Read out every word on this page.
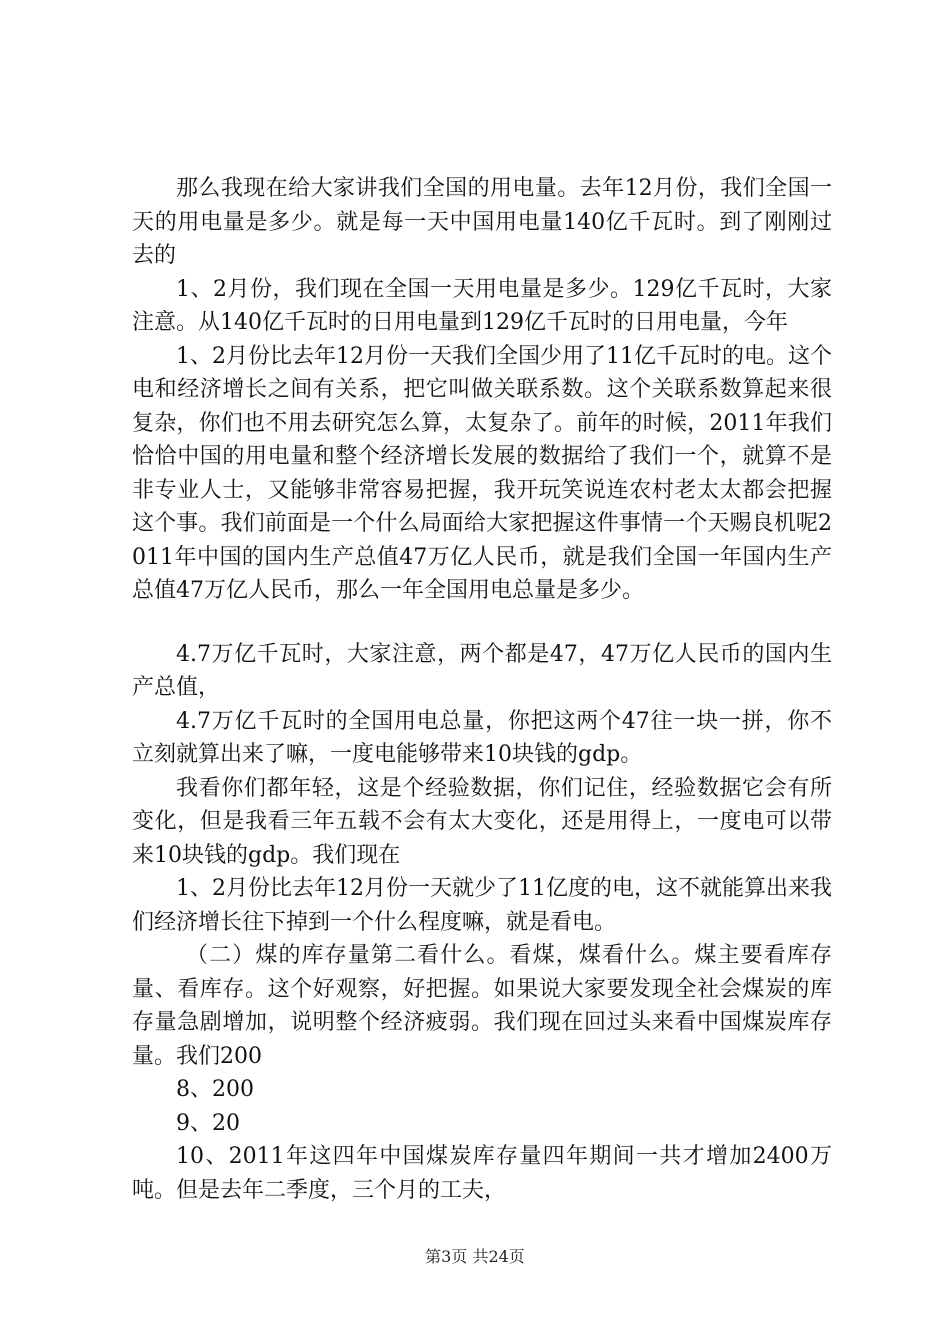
那么我现在给大家讲我们全国的用电量。去年12月份，我们全国一天的用电量是多少。就是每一天中国用电量140亿千瓦时。到了刚刚过去的

1、2月份，我们现在全国一天用电量是多少。129亿千瓦时，大家注意。从140亿千瓦时的日用电量到129亿千瓦时的日用电量，今年

1、2月份比去年12月份一天我们全国少用了11亿千瓦时的电。这个电和经济增长之间有关系，把它叫做关联系数。这个关联系数算起来很复杂，你们也不用去研究怎么算，太复杂了。前年的时候，2011年我们恰恰中国的用电量和整个经济增长发展的数据给了我们一个，就算不是非专业人士，又能够非常容易把握，我开玩笑说连农村老太太都会把握这个事。我们前面是一个什么局面给大家把握这件事情一个天赐良机呢2011年中国的国内生产总值47万亿人民币，就是我们全国一年国内生产总值47万亿人民币，那么一年全国用电总量是多少。

4.7万亿千瓦时，大家注意，两个都是47，47万亿人民币的国内生产总值，

4.7万亿千瓦时的全国用电总量，你把这两个47往一块一拼，你不立刻就算出来了嘛，一度电能够带来10块钱的gdp。

我看你们都年轻，这是个经验数据，你们记住，经验数据它会有所变化，但是我看三年五载不会有太大变化，还是用得上，一度电可以带来10块钱的gdp。我们现在

1、2月份比去年12月份一天就少了11亿度的电，这不就能算出来我们经济增长往下掉到一个什么程度嘛，就是看电。

（二）煤的库存量第二看什么。看煤，煤看什么。煤主要看库存量、看库存。这个好观察，好把握。如果说大家要发现全社会煤炭的库存量急剧增加，说明整个经济疲弱。我们现在回过头来看中国煤炭库存量。我们200

8、200

9、20

10、2011年这四年中国煤炭库存量四年期间一共才增加2400万吨。但是去年二季度，三个月的工夫，

第3页 共24页
